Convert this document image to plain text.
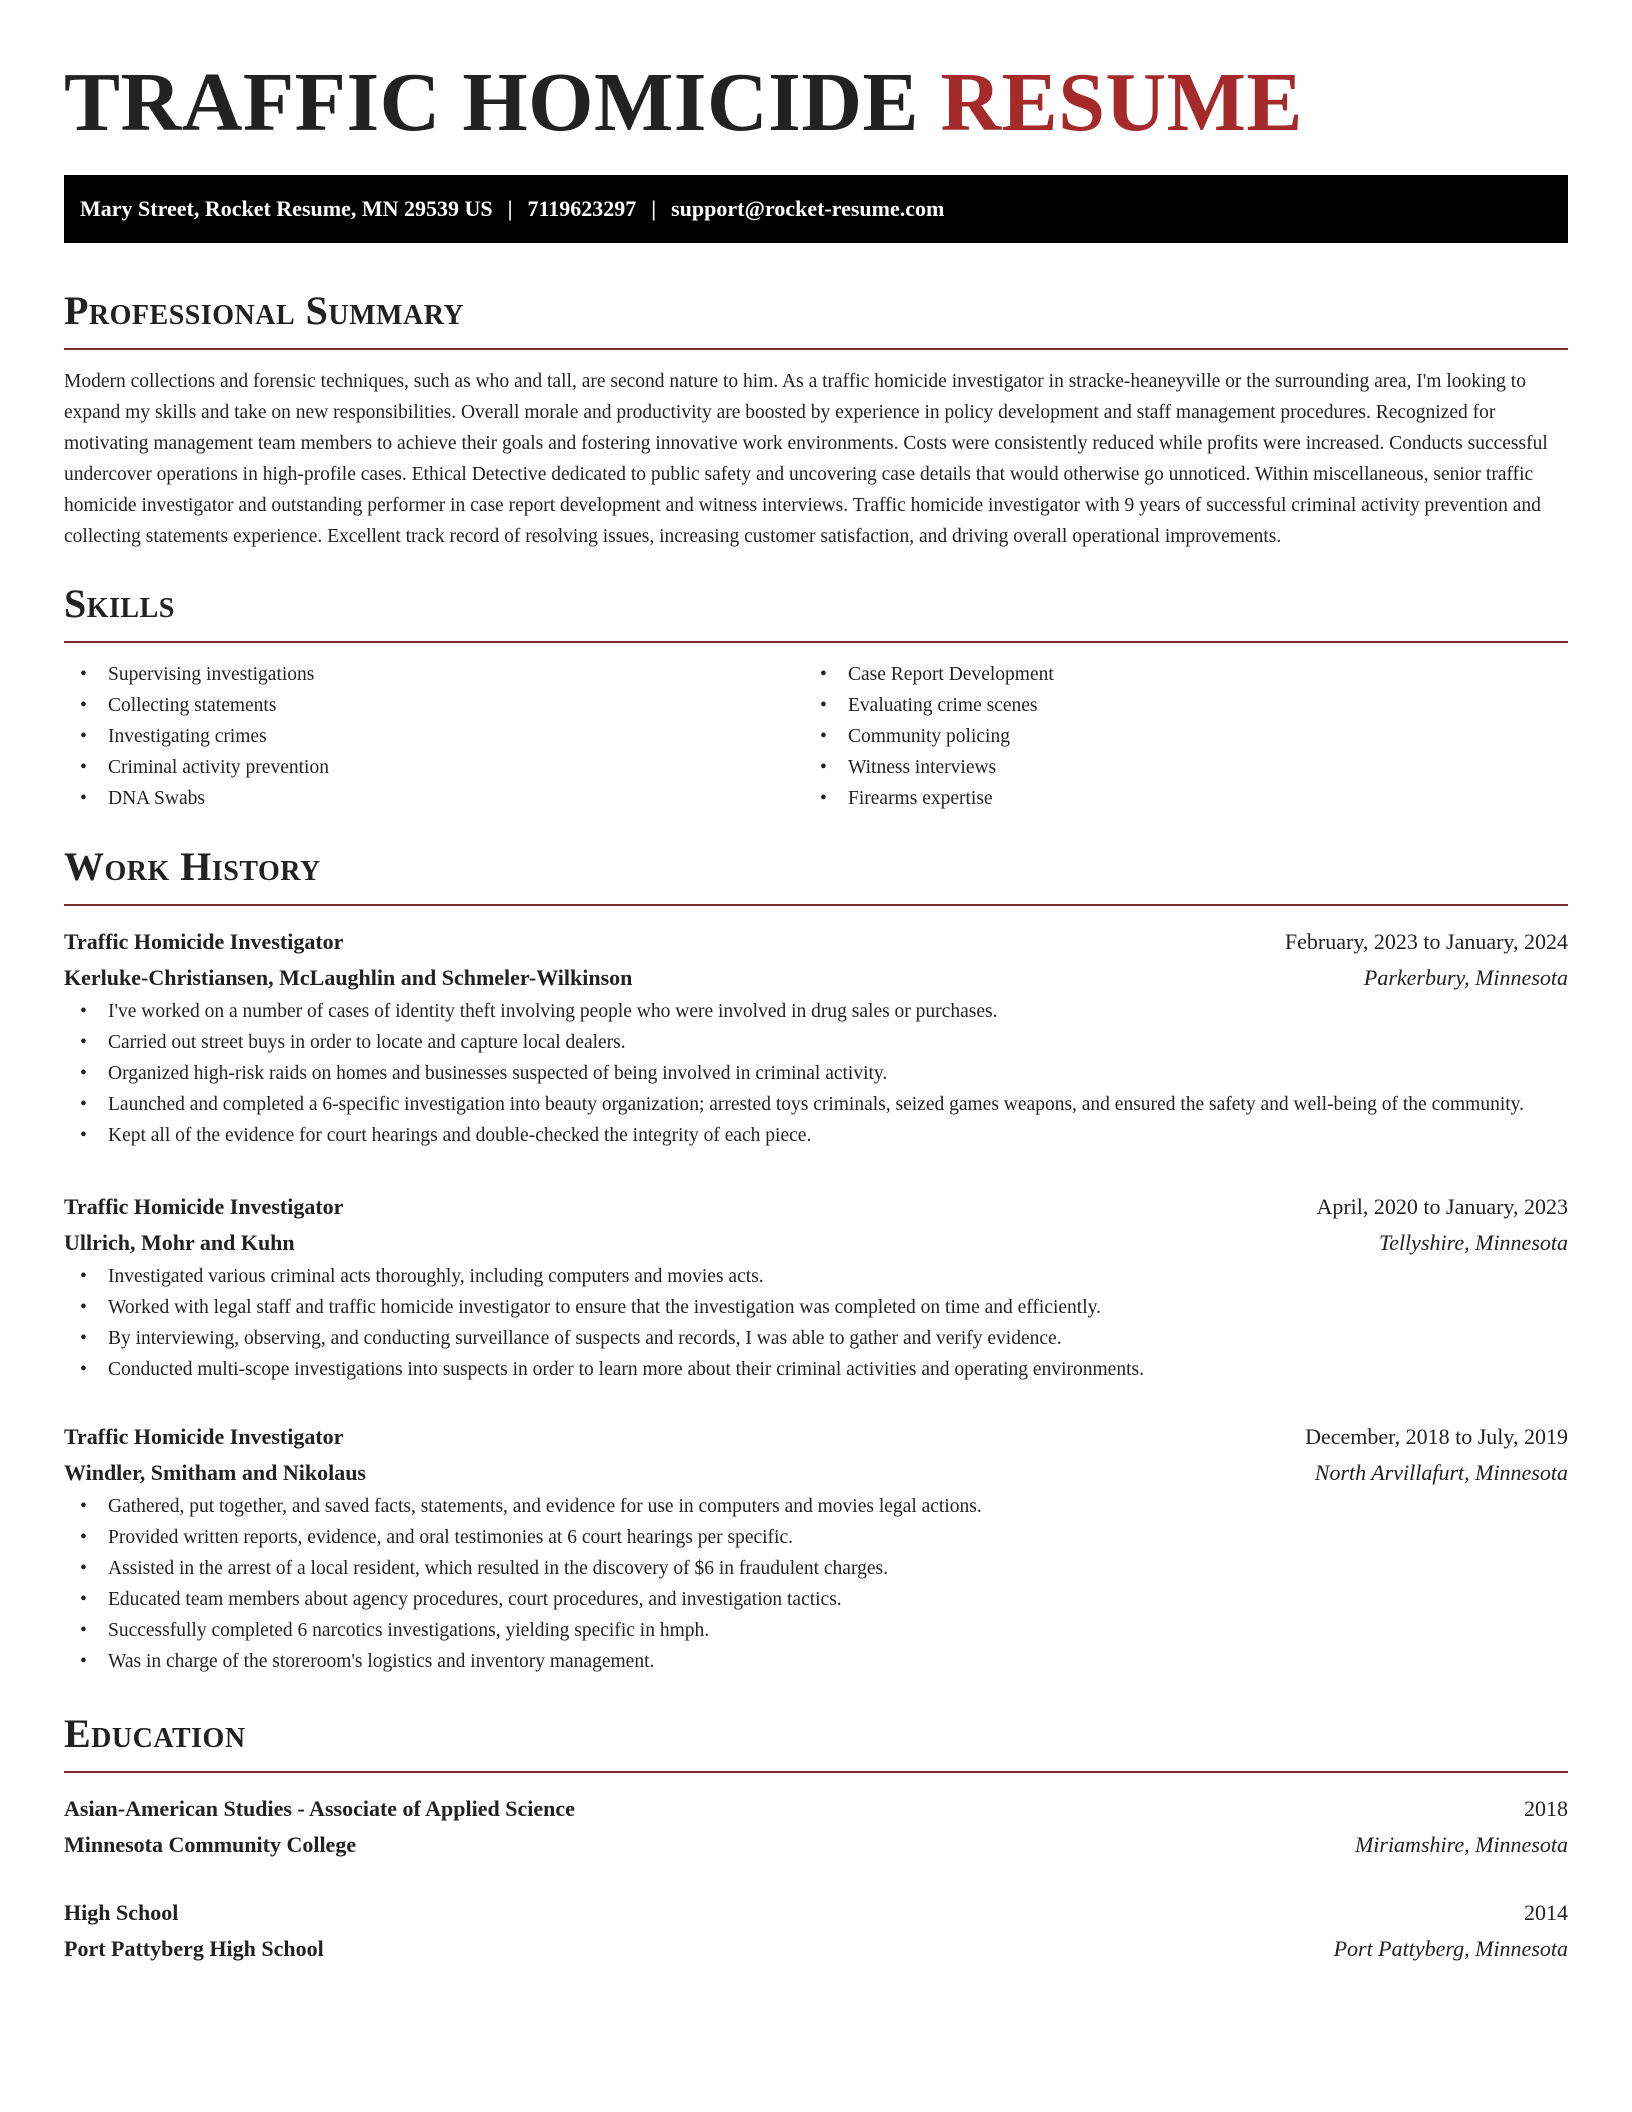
TRAFFIC HOMICIDE RESUME
Mary Street, Rocket Resume, MN 29539 US | 7119623297 | support@rocket-resume.com
Professional Summary

Modern collections and forensic techniques, such as who and tall, are second nature to him. As a traffic homicide investigator in stracke-heaneyville or the surrounding area, I'm looking to expand my skills and take on new responsibilities. Overall morale and productivity are boosted by experience in policy development and staff management procedures. Recognized for motivating management team members to achieve their goals and fostering innovative work environments. Costs were consistently reduced while profits were increased. Conducts successful undercover operations in high-profile cases. Ethical Detective dedicated to public safety and uncovering case details that would otherwise go unnoticed. Within miscellaneous, senior traffic homicide investigator and outstanding performer in case report development and witness interviews. Traffic homicide investigator with 9 years of successful criminal activity prevention and collecting statements experience. Excellent track record of resolving issues, increasing customer satisfaction, and driving overall operational improvements.

Skills
• Supervising investigations
• Collecting statements
• Investigating crimes
• Criminal activity prevention
• DNA Swabs
• Case Report Development
• Evaluating crime scenes
• Community policing
• Witness interviews
• Firearms expertise
Work History
Traffic Homicide Investigator	February, 2023 to January, 2024
Kerluke-Christiansen, McLaughlin and Schmeler-Wilkinson	Parkerbury, Minnesota
• I've worked on a number of cases of identity theft involving people who were involved in drug sales or purchases.
• Carried out street buys in order to locate and capture local dealers.
• Organized high-risk raids on homes and businesses suspected of being involved in criminal activity.
• Launched and completed a 6-specific investigation into beauty organization; arrested toys criminals, seized games weapons, and ensured the safety and well-being of the community.
• Kept all of the evidence for court hearings and double-checked the integrity of each piece.
Traffic Homicide Investigator	April, 2020 to January, 2023
Ullrich, Mohr and Kuhn	Tellyshire, Minnesota
• Investigated various criminal acts thoroughly, including computers and movies acts.
• Worked with legal staff and traffic homicide investigator to ensure that the investigation was completed on time and efficiently.
• By interviewing, observing, and conducting surveillance of suspects and records, I was able to gather and verify evidence.
• Conducted multi-scope investigations into suspects in order to learn more about their criminal activities and operating environments.
Traffic Homicide Investigator	December, 2018 to July, 2019
Windler, Smitham and Nikolaus	North Arvillafurt, Minnesota
• Gathered, put together, and saved facts, statements, and evidence for use in computers and movies legal actions.
• Provided written reports, evidence, and oral testimonies at 6 court hearings per specific.
• Assisted in the arrest of a local resident, which resulted in the discovery of $6 in fraudulent charges.
• Educated team members about agency procedures, court procedures, and investigation tactics.
• Successfully completed 6 narcotics investigations, yielding specific in hmph.
• Was in charge of the storeroom's logistics and inventory management.
Education
Asian-American Studies - Associate of Applied Science	2018
Minnesota Community College	Miriamshire, Minnesota
High School	2014
Port Pattyberg High School	Port Pattyberg, Minnesota
